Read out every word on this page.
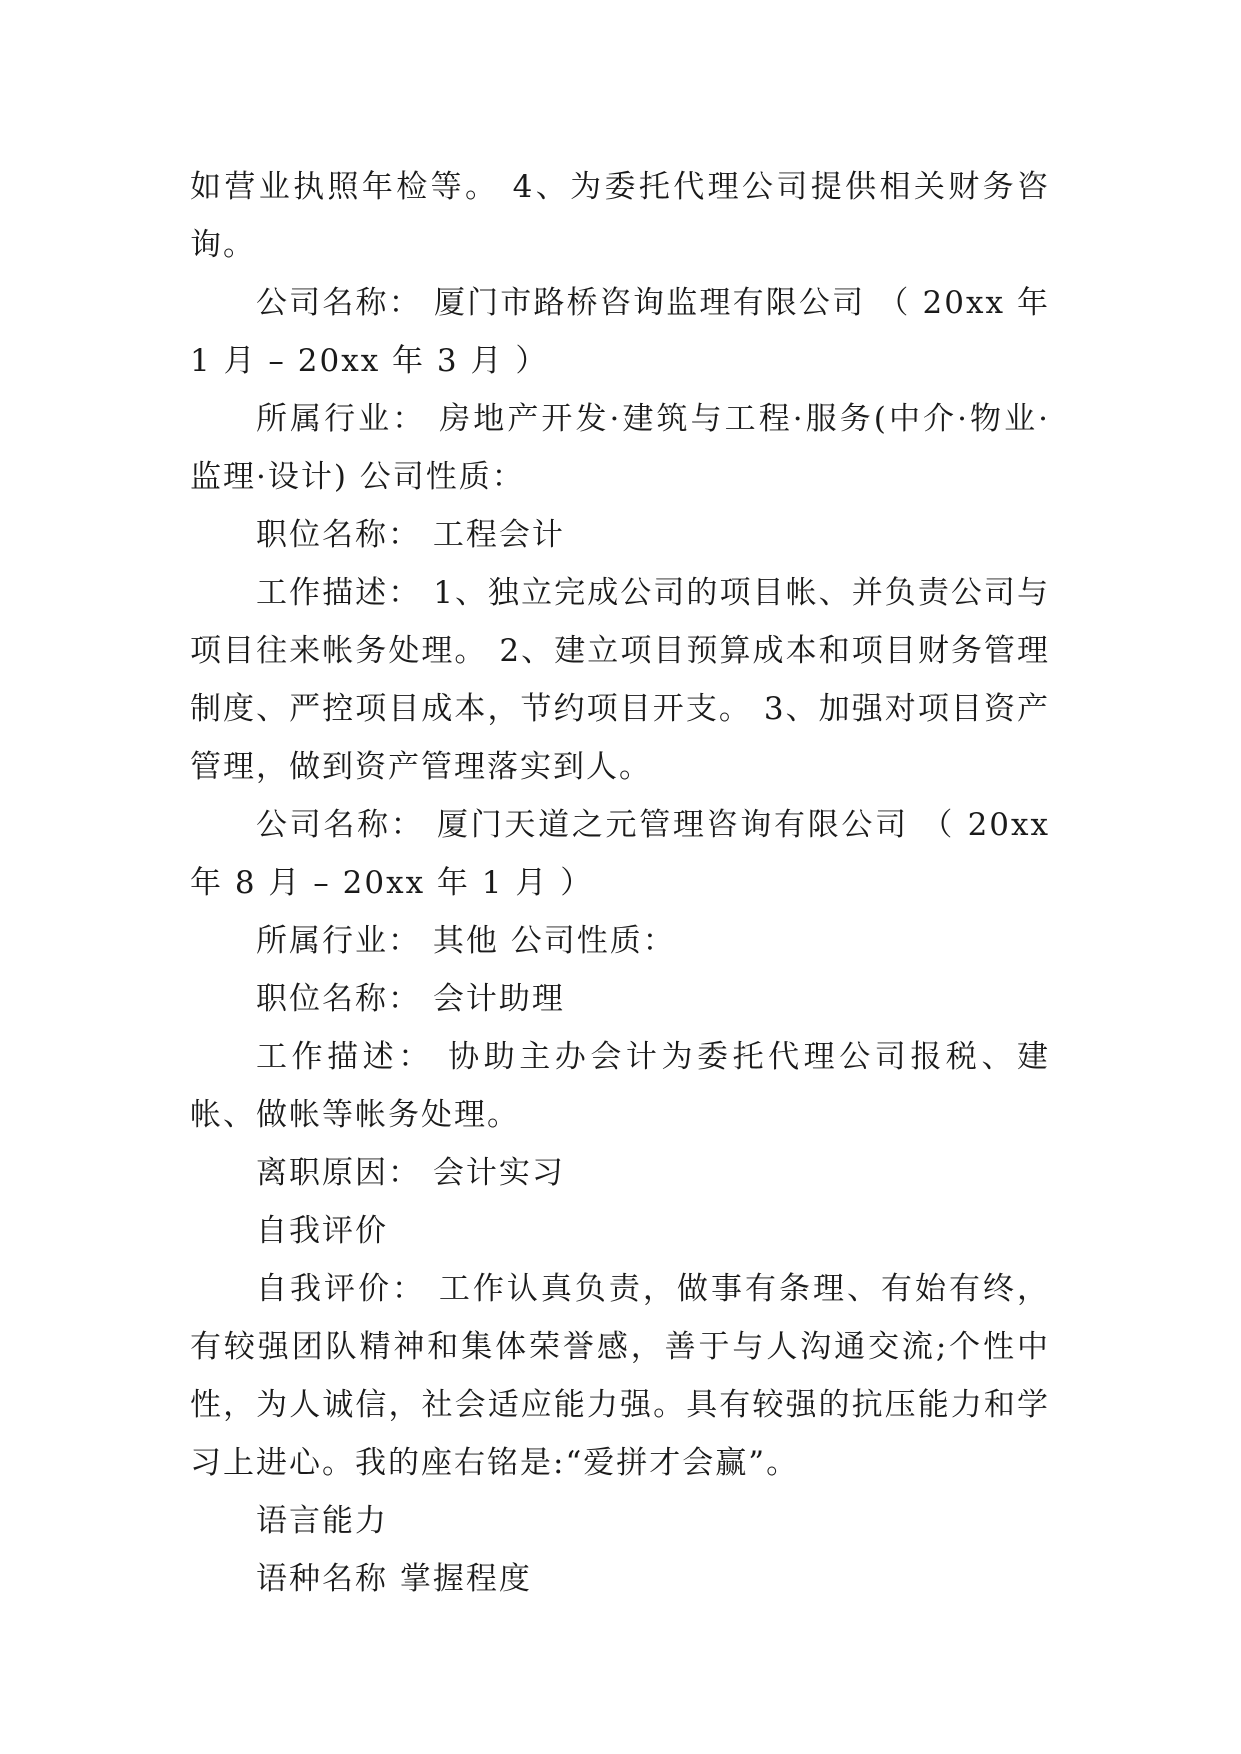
如营业执照年检等。 4、为委托代理公司提供相关财务咨询。

公司名称： 厦门市路桥咨询监理有限公司 （ 20xx 年 1 月 – 20xx 年 3 月 ）

所属行业： 房地产开发·建筑与工程·服务(中介·物业·监理·设计) 公司性质：

职位名称： 工程会计

工作描述： 1、独立完成公司的项目帐、并负责公司与项目往来帐务处理。 2、建立项目预算成本和项目财务管理制度、严控项目成本，节约项目开支。 3、加强对项目资产管理，做到资产管理落实到人。

公司名称： 厦门天道之元管理咨询有限公司 （ 20xx 年 8 月 – 20xx 年 1 月 ）

所属行业： 其他 公司性质：

职位名称： 会计助理

工作描述： 协助主办会计为委托代理公司报税、建帐、做帐等帐务处理。

离职原因： 会计实习

自我评价

自我评价： 工作认真负责，做事有条理、有始有终，有较强团队精神和集体荣誉感，善于与人沟通交流;个性中性，为人诚信，社会适应能力强。具有较强的抗压能力和学习上进心。我的座右铭是:“爱拼才会赢”。

语言能力

语种名称 掌握程度
